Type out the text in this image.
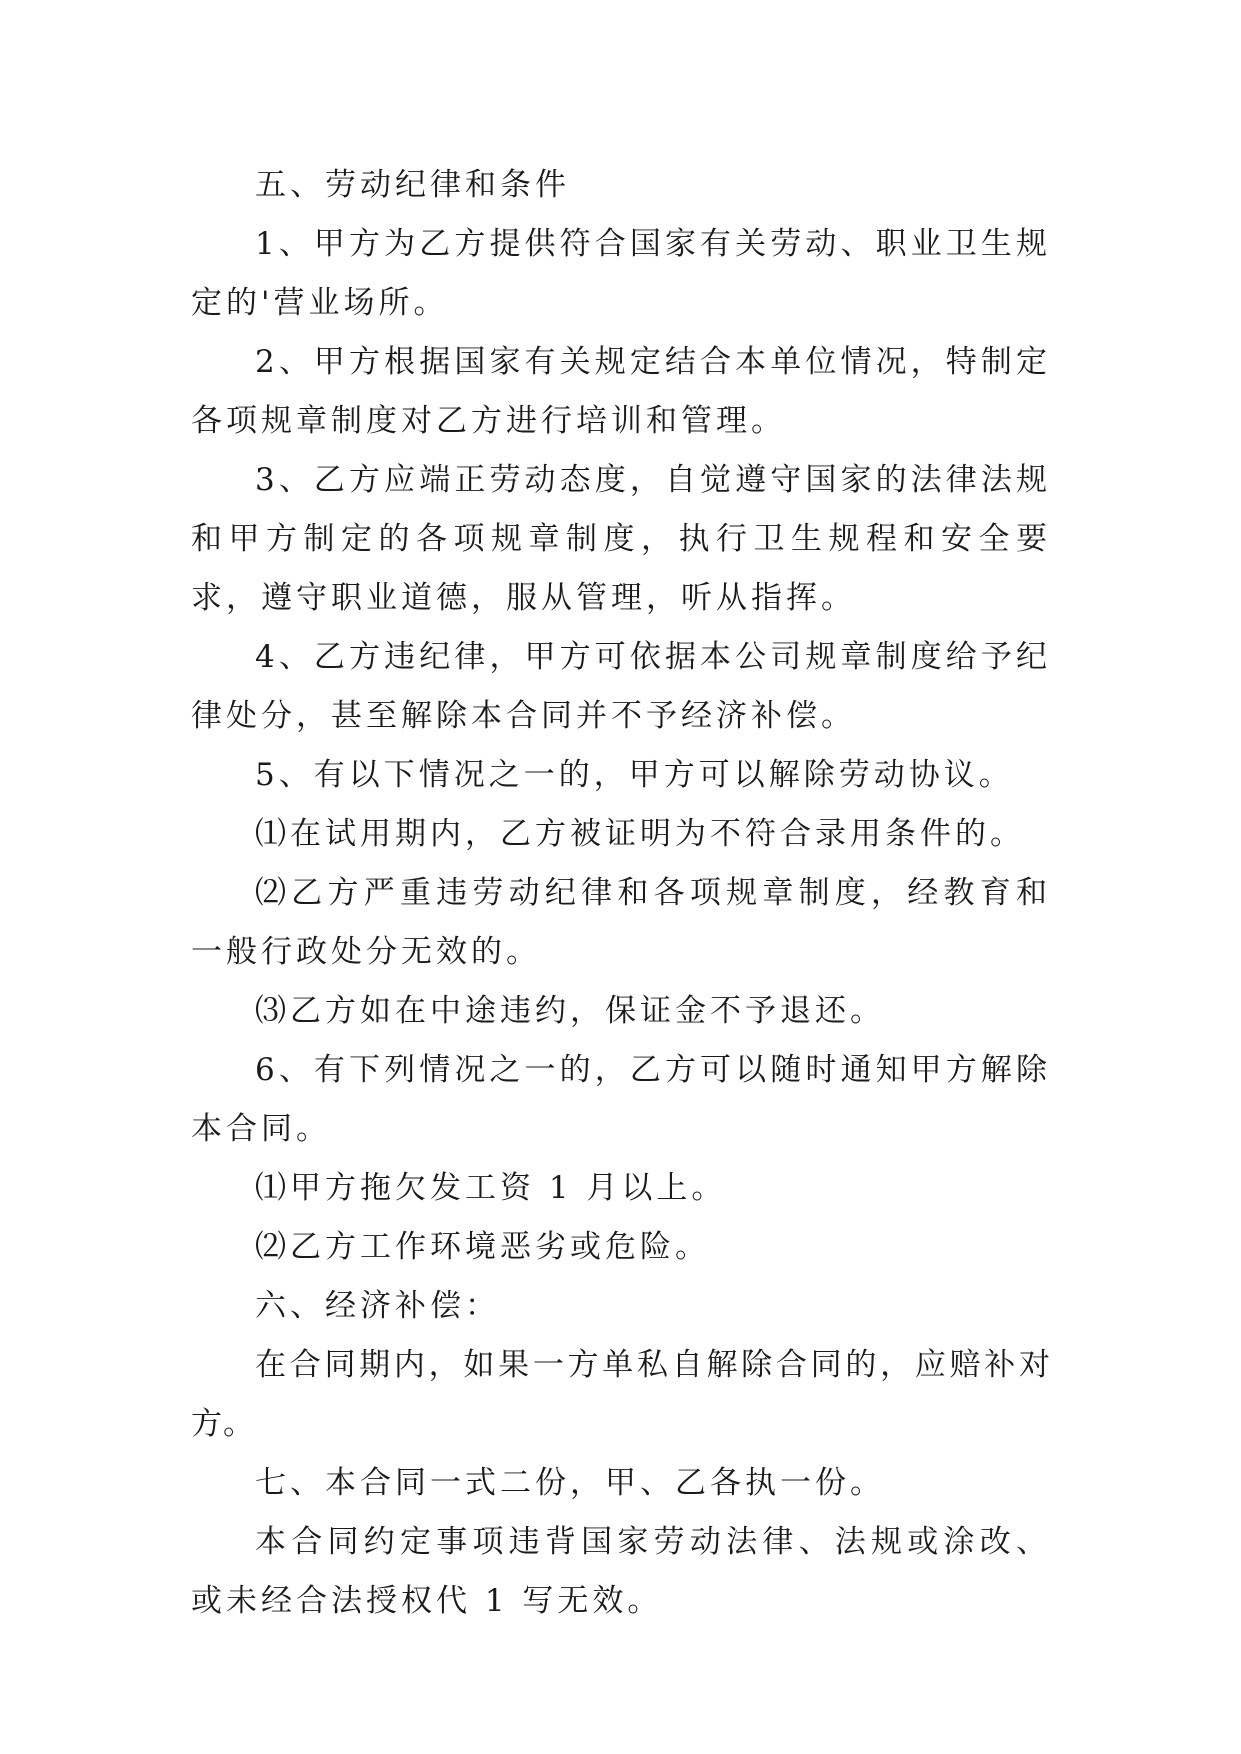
五、劳动纪律和条件

1、甲方为乙方提供符合国家有关劳动、职业卫生规定的'营业场所。

2、甲方根据国家有关规定结合本单位情况，特制定各项规章制度对乙方进行培训和管理。

3、乙方应端正劳动态度，自觉遵守国家的法律法规和甲方制定的各项规章制度，执行卫生规程和安全要求，遵守职业道德，服从管理，听从指挥。

4、乙方违纪律，甲方可依据本公司规章制度给予纪律处分，甚至解除本合同并不予经济补偿。

5、有以下情况之一的，甲方可以解除劳动协议。

⑴在试用期内，乙方被证明为不符合录用条件的。

⑵乙方严重违劳动纪律和各项规章制度，经教育和一般行政处分无效的。

⑶乙方如在中途违约，保证金不予退还。

6、有下列情况之一的，乙方可以随时通知甲方解除本合同。

⑴甲方拖欠发工资 1 月以上。

⑵乙方工作环境恶劣或危险。

六、经济补偿：

在合同期内，如果一方单私自解除合同的，应赔补对方。

七、本合同一式二份，甲、乙各执一份。

本合同约定事项违背国家劳动法律、法规或涂改、或未经合法授权代 1 写无效。
